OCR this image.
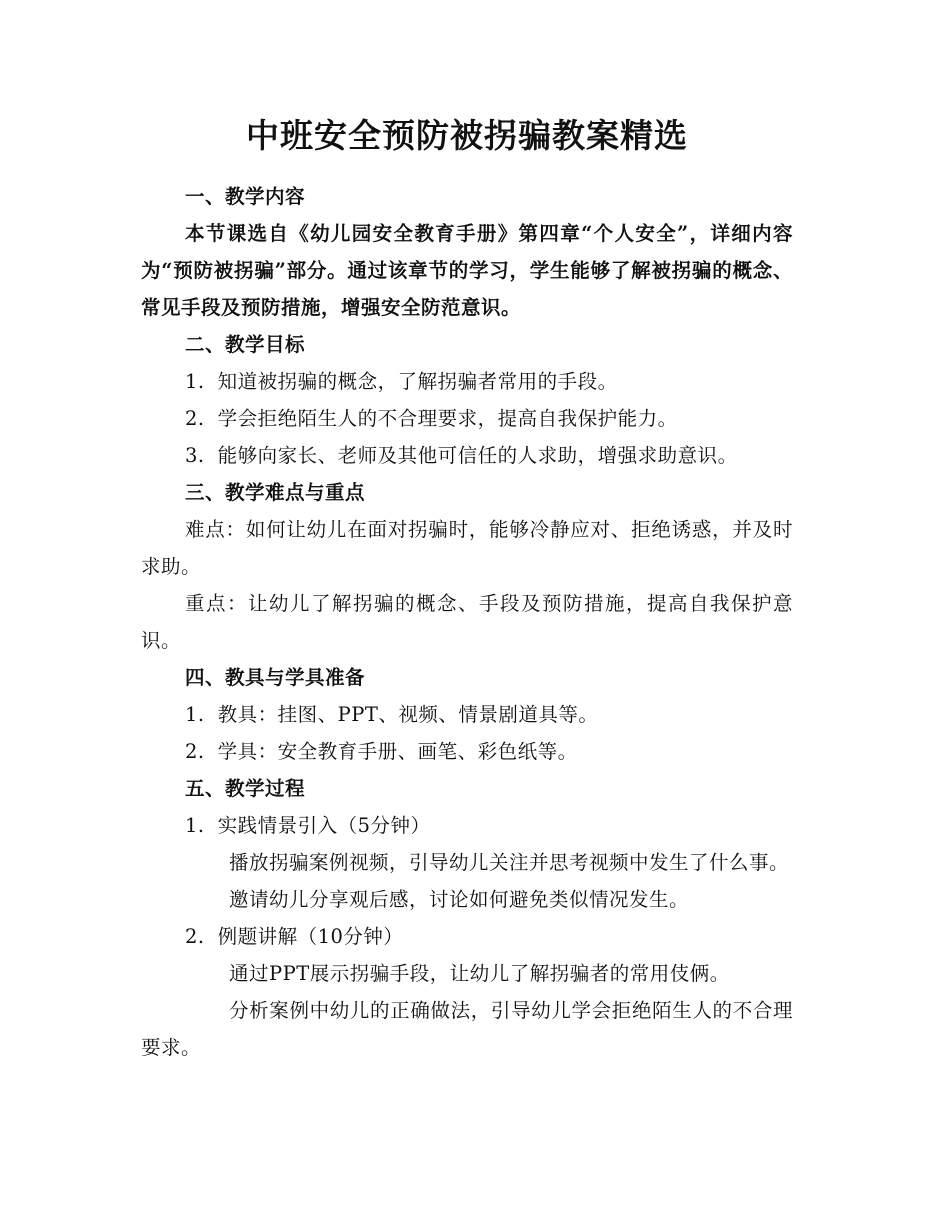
中班安全预防被拐骗教案精选

一、教学内容

本节课选自《幼儿园安全教育手册》第四章“个人安全”，详细内容为“预防被拐骗”部分。通过该章节的学习，学生能够了解被拐骗的概念、常见手段及预防措施，增强安全防范意识。

二、教学目标

1. 知道被拐骗的概念，了解拐骗者常用的手段。

2. 学会拒绝陌生人的不合理要求，提高自我保护能力。

3. 能够向家长、老师及其他可信任的人求助，增强求助意识。

三、教学难点与重点

难点：如何让幼儿在面对拐骗时，能够冷静应对、拒绝诱惑，并及时求助。

重点：让幼儿了解拐骗的概念、手段及预防措施，提高自我保护意识。

四、教具与学具准备

1. 教具：挂图、PPT、视频、情景剧道具等。

2. 学具：安全教育手册、画笔、彩色纸等。

五、教学过程

1. 实践情景引入（5分钟）

播放拐骗案例视频，引导幼儿关注并思考视频中发生了什么事。

邀请幼儿分享观后感，讨论如何避免类似情况发生。

2. 例题讲解（10分钟）

通过PPT展示拐骗手段，让幼儿了解拐骗者的常用伎俩。

分析案例中幼儿的正确做法，引导幼儿学会拒绝陌生人的不合理要求。
